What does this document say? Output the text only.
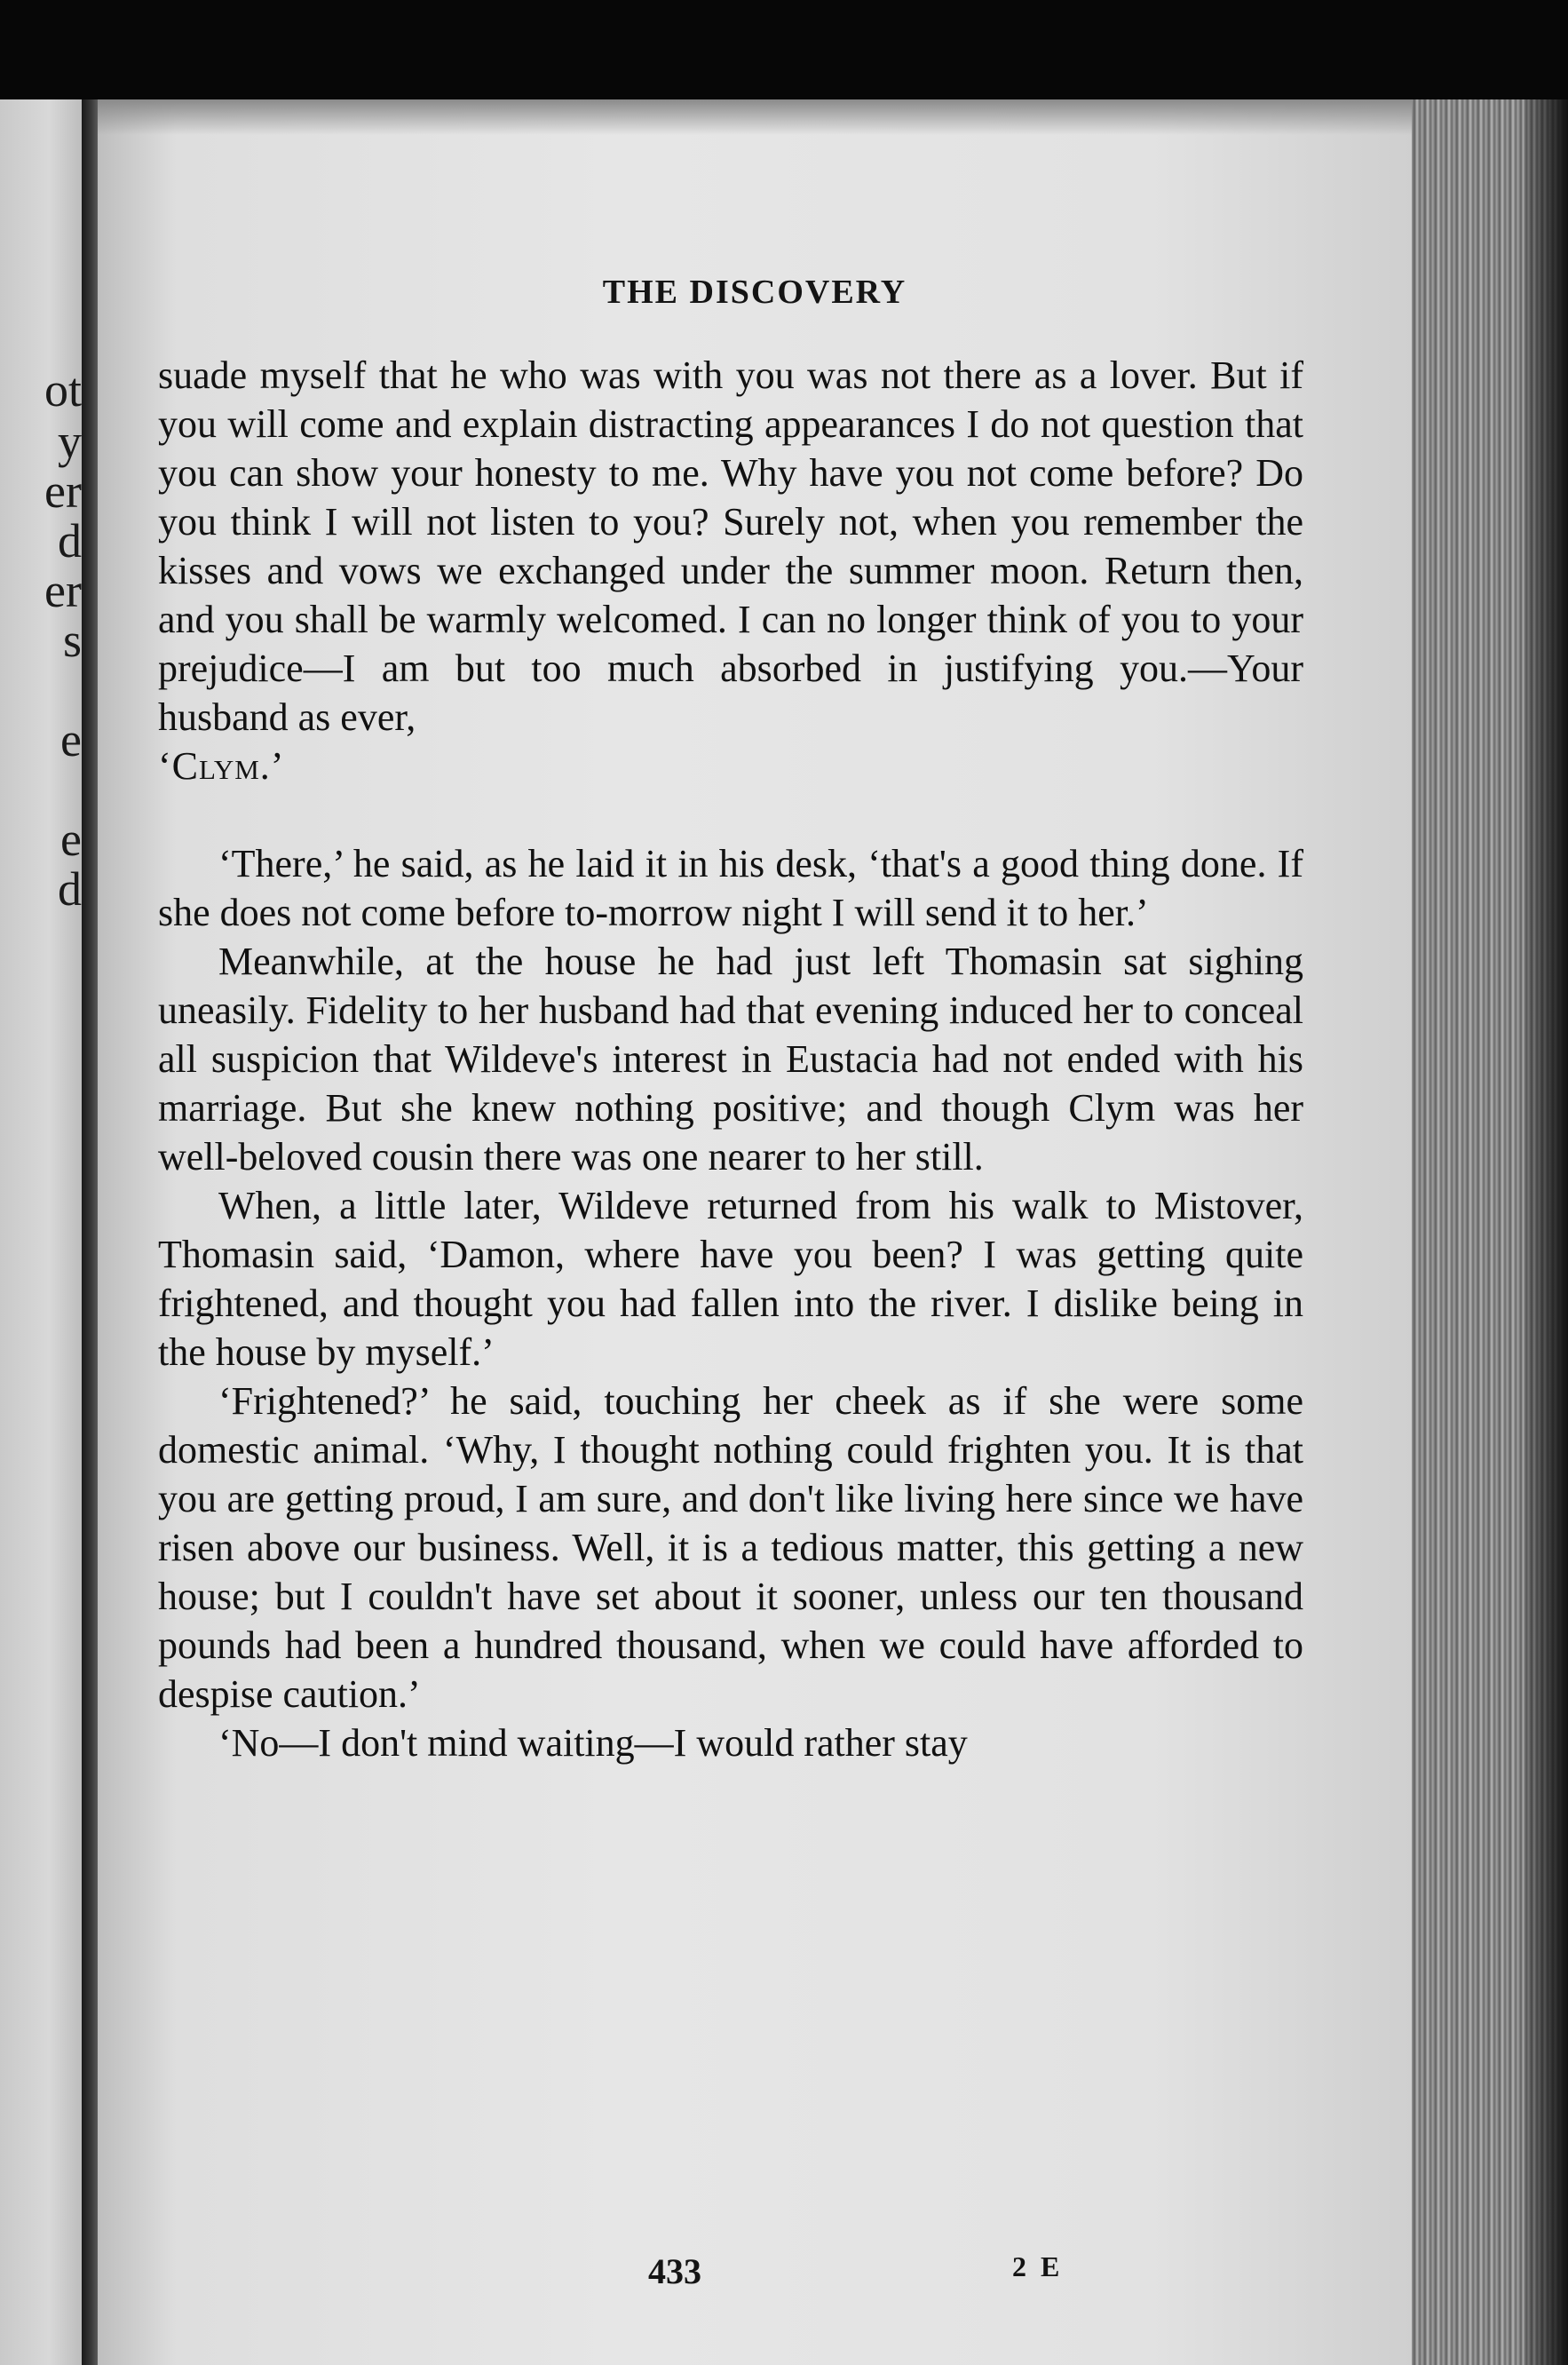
ot
y
er
d
er
s
e
e
d
THE DISCOVERY

suade myself that he who was with you was not there as a lover. But if you will come and explain distracting appearances I do not question that you can show your honesty to me. Why have you not come before? Do you think I will not listen to you? Surely not, when you remember the kisses and vows we exchanged under the summer moon. Return then, and you shall be warmly welcomed. I can no longer think of you to your prejudice—I am but too much absorbed in justifying you.—Your husband as ever,

‘Clym.’

‘There,’ he said, as he laid it in his desk, ‘that's a good thing done. If she does not come before to-morrow night I will send it to her.’

Meanwhile, at the house he had just left Thomasin sat sighing uneasily. Fidelity to her husband had that evening induced her to conceal all suspicion that Wildeve's interest in Eustacia had not ended with his marriage. But she knew nothing positive; and though Clym was her well-beloved cousin there was one nearer to her still.

When, a little later, Wildeve returned from his walk to Mistover, Thomasin said, ‘Damon, where have you been? I was getting quite frightened, and thought you had fallen into the river. I dislike being in the house by myself.’

‘Frightened?’ he said, touching her cheek as if she were some domestic animal. ‘Why, I thought nothing could frighten you. It is that you are getting proud, I am sure, and don't like living here since we have risen above our business. Well, it is a tedious matter, this getting a new house; but I couldn't have set about it sooner, unless our ten thousand pounds had been a hundred thousand, when we could have afforded to despise caution.’

‘No—I don't mind waiting—I would rather stay

433	2 E
